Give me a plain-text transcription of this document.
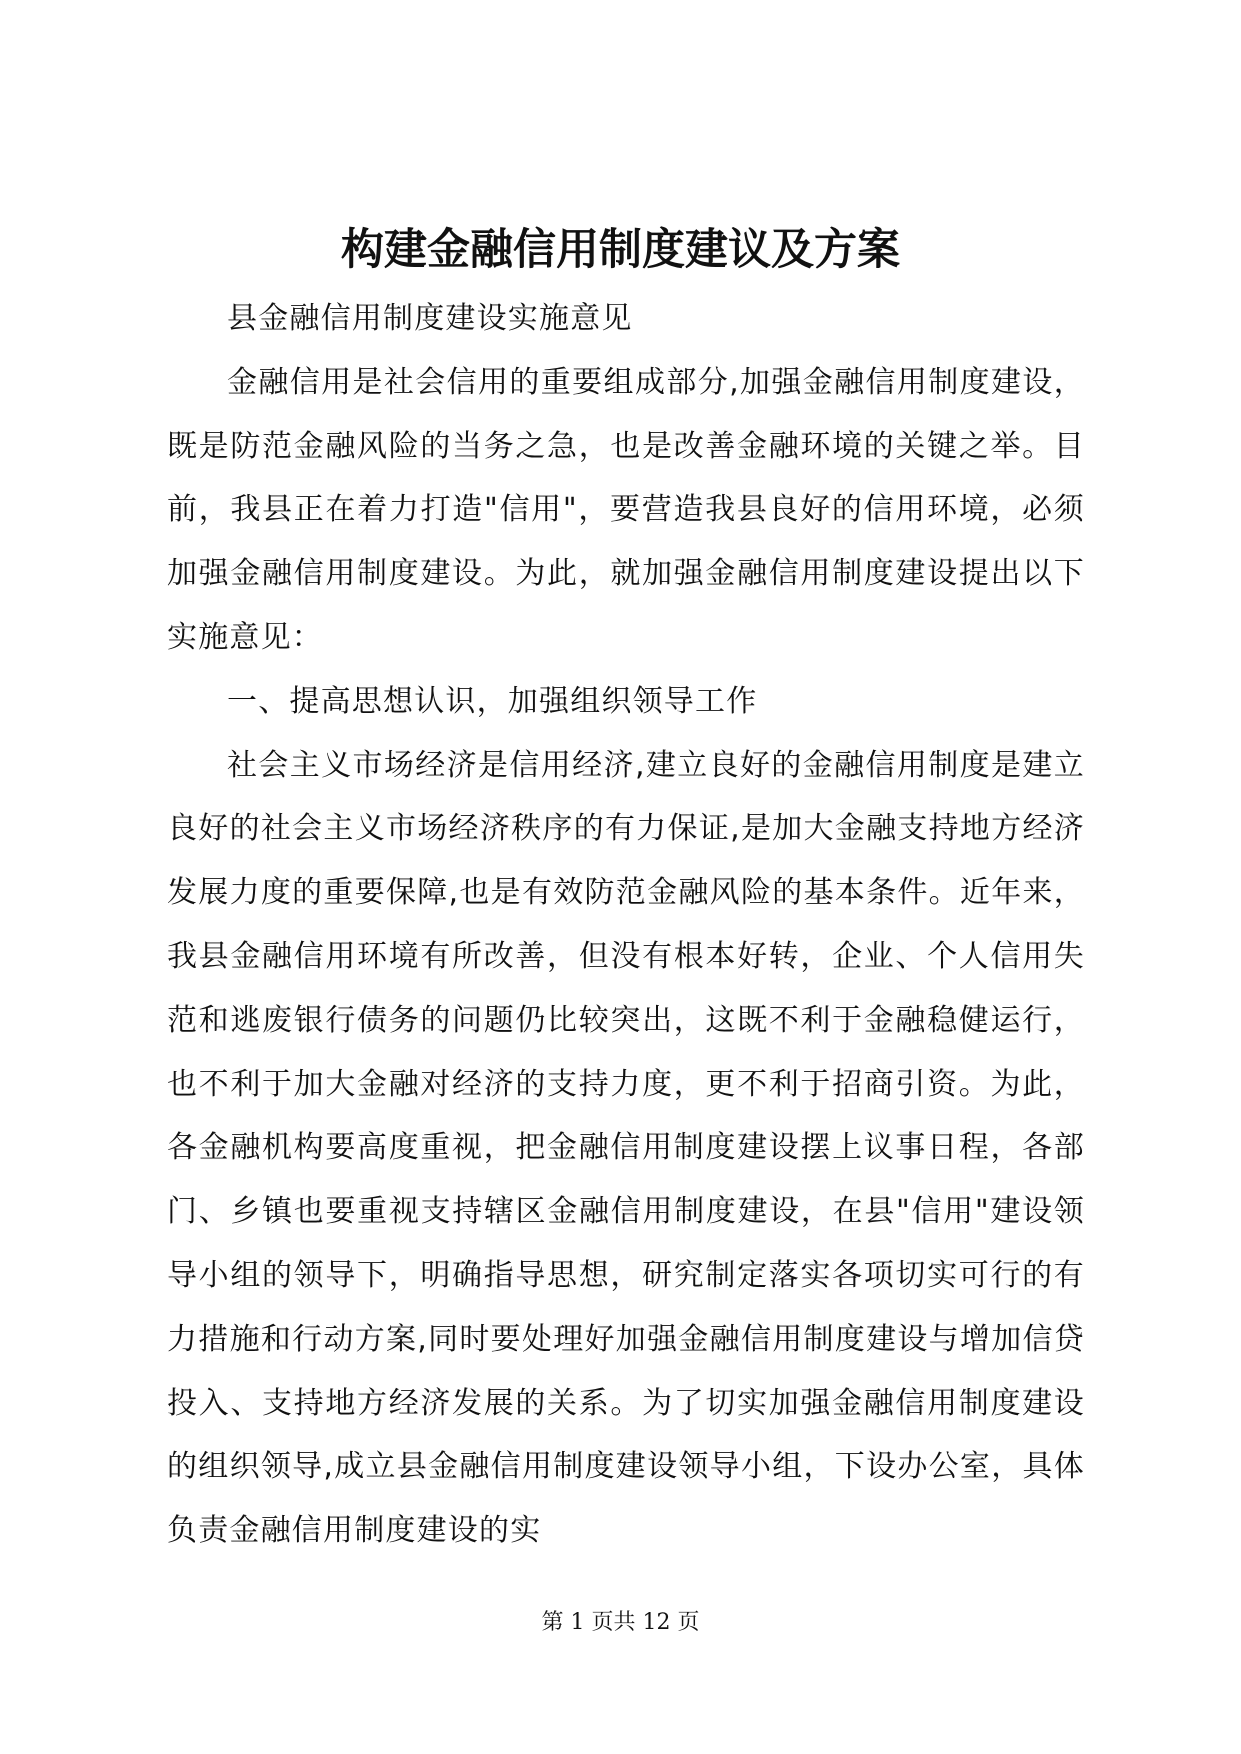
构建金融信用制度建议及方案

县金融信用制度建设实施意见

金融信用是社会信用的重要组成部分,加强金融信用制度建设，既是防范金融风险的当务之急，也是改善金融环境的关键之举。目前，我县正在着力打造"信用"，要营造我县良好的信用环境，必须加强金融信用制度建设。为此，就加强金融信用制度建设提出以下实施意见：

一、提高思想认识，加强组织领导工作

社会主义市场经济是信用经济,建立良好的金融信用制度是建立良好的社会主义市场经济秩序的有力保证,是加大金融支持地方经济发展力度的重要保障,也是有效防范金融风险的基本条件。近年来，我县金融信用环境有所改善，但没有根本好转，企业、个人信用失范和逃废银行债务的问题仍比较突出，这既不利于金融稳健运行，也不利于加大金融对经济的支持力度，更不利于招商引资。为此，各金融机构要高度重视，把金融信用制度建设摆上议事日程，各部门、乡镇也要重视支持辖区金融信用制度建设，在县"信用"建设领导小组的领导下，明确指导思想，研究制定落实各项切实可行的有力措施和行动方案,同时要处理好加强金融信用制度建设与增加信贷投入、支持地方经济发展的关系。为了切实加强金融信用制度建设的组织领导,成立县金融信用制度建设领导小组，下设办公室，具体负责金融信用制度建设的实

第 1 页共 12 页
